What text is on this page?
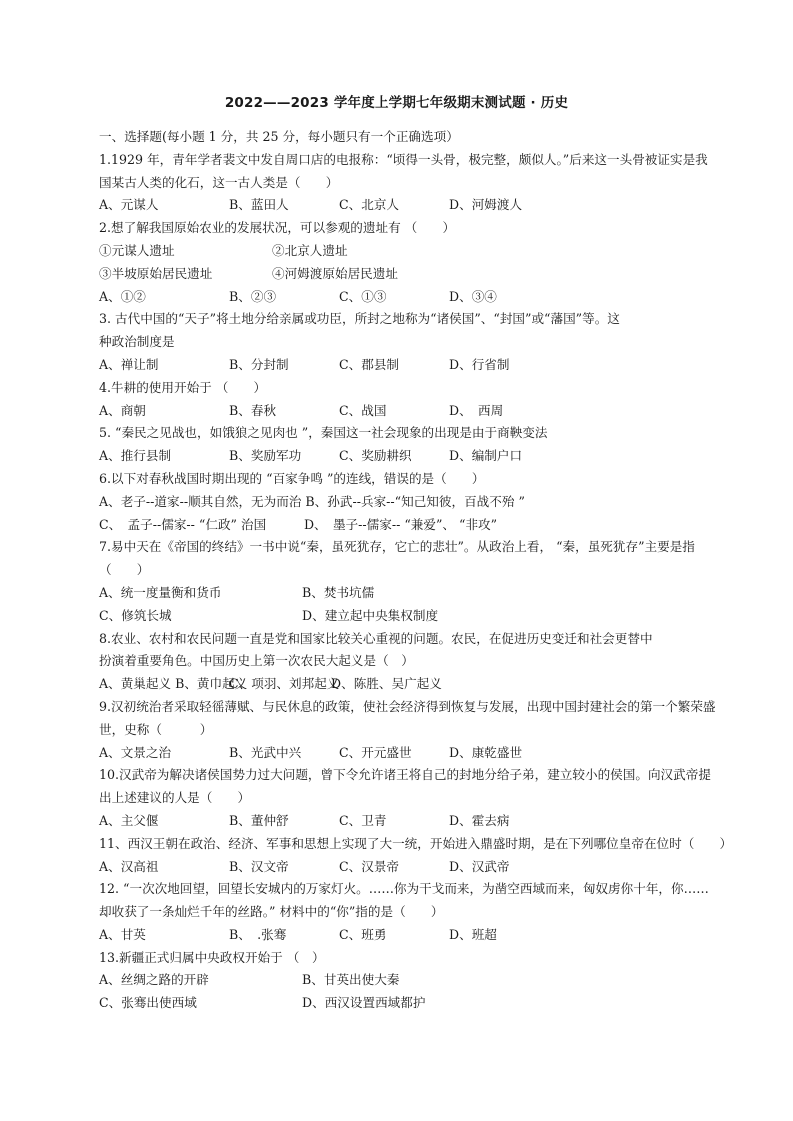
2022——2023 学年度上学期七年级期末测试题 · 历史
一、选择题(每小题 1 分，共 25 分，每小题只有一个正确选项）
1.1929 年，青年学者裴文中发自周口店的电报称：“顷得一头骨，极完整，颇似人。”后来这一头骨被证实是我
国某古人类的化石，这一古人类是（　　）
A、元谋人	B、蓝田人	C、北京人	D、河姆渡人
2.想了解我国原始农业的发展状况，可以参观的遗址有 （　　）
①元谋人遗址	②北京人遗址
③半坡原始居民遗址	④河姆渡原始居民遗址
A、①②	B、②③	C、①③	D、③④
3. 古代中国的“天子”将土地分给亲属或功臣，所封之地称为“诸侯国”、“封国”或“藩国”等。这
种政治制度是
A、禅让制	B、分封制	C、郡县制	D、行省制
4.牛耕的使用开始于 （　　）
A、商朝	B、春秋	C、战国	D、　西周
5. “秦民之见战也，如饿狼之见肉也 ”，秦国这一社会现象的出现是由于商鞅变法
A、推行县制	B、奖励军功	C、奖励耕织	D、编制户口
6.以下对春秋战国时期出现的 “百家争鸣 ”的连线，错误的是（　　）
A、老子--道家--顺其自然，无为而治 B、孙武--兵家--“知己知彼，百战不殆 ”
C、　孟子--儒家-- “仁政” 治国　　　D、　墨子--儒家-- “兼爱”、 “非攻”
7.易中天在《帝国的终结》一书中说“秦，虽死犹存，它亡的悲壮”。从政治上看， “秦，虽死犹存”主要是指
（　　）
A、统一度量衡和货币	B、焚书坑儒
C、修筑长城	D、建立起中央集权制度
8.农业、农村和农民问题一直是党和国家比较关心重视的问题。农民，在促进历史变迁和社会更替中
扮演着重要角色。中国历史上第一次农民大起义是（　）
A、黄巢起义 B、黄巾起义
C、项羽、刘邦起义
D、陈胜、吴广起义
9.汉初统治者采取轻徭薄赋、与民休息的政策，使社会经济得到恢复与发展，出现中国封建社会的第一个繁荣盛
世，史称（　　　）
A、文景之治	B、光武中兴	C、开元盛世	D、康乾盛世
10.汉武帝为解决诸侯国势力过大问题，曾下令允许诸王将自己的封地分给子弟，建立较小的侯国。向汉武帝提
出上述建议的人是（　　）
A、主父偃	B、董仲舒	C、卫青	D、霍去病
11、西汉王朝在政治、经济、军事和思想上实现了大一统，开始进入鼎盛时期，是在下列哪位皇帝在位时（　　）
A、汉高祖	B、汉文帝	C、汉景帝	D、汉武帝
12. “一次次地回望，回望长安城内的万家灯火。……你为干戈而来，为凿空西域而来，匈奴虏你十年，你……
却收获了一条灿烂千年的丝路。” 材料中的“你”指的是（　　）
A、甘英	B、　.张骞	C、班勇	D、班超
13.新疆正式归属中央政权开始于 （　）
A、丝绸之路的开辟	B、甘英出使大秦
C、张骞出使西域	D、西汉设置西域都护
